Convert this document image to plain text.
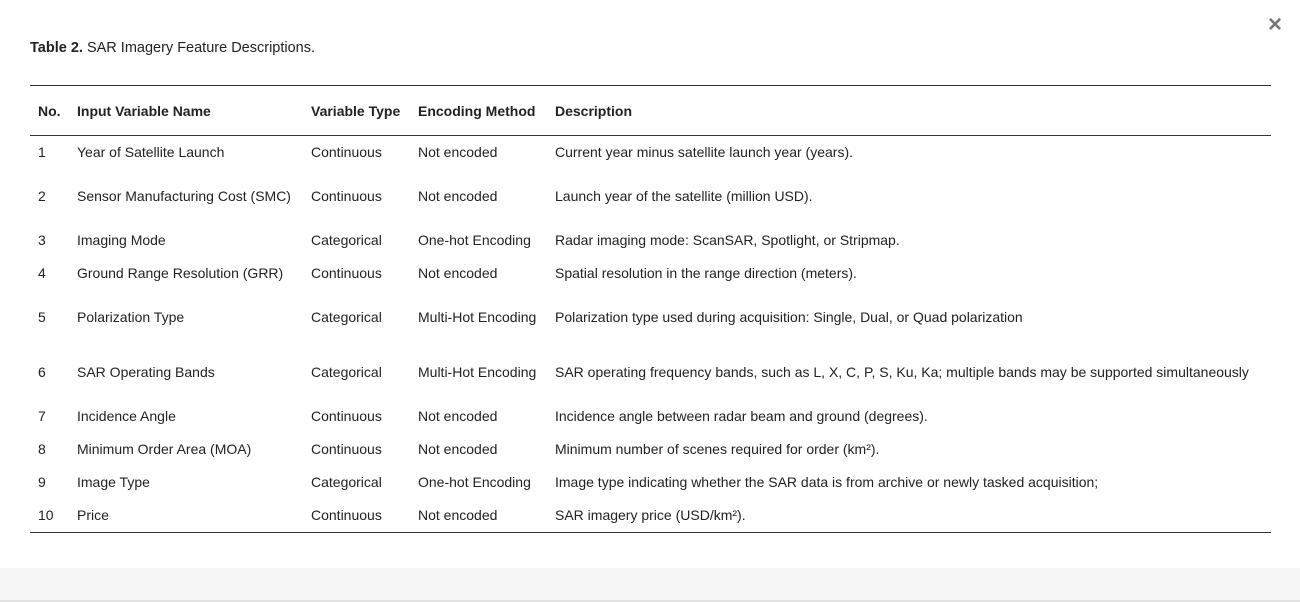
×
Table 2. SAR Imagery Feature Descriptions.
No.	Input Variable Name	Variable Type	Encoding Method	Description
1	Year of Satellite Launch	Continuous	Not encoded	Current year minus satellite launch year (years).
2	Sensor Manufacturing Cost (SMC)	Continuous	Not encoded	Launch year of the satellite (million USD).
3	Imaging Mode	Categorical	One-hot Encoding	Radar imaging mode: ScanSAR, Spotlight, or Stripmap.
4	Ground Range Resolution (GRR)	Continuous	Not encoded	Spatial resolution in the range direction (meters).
5	Polarization Type	Categorical	Multi-Hot Encoding	Polarization type used during acquisition: Single, Dual, or Quad polarization
6	SAR Operating Bands	Categorical	Multi-Hot Encoding	SAR operating frequency bands, such as L, X, C, P, S, Ku, Ka; multiple bands may be supported simultaneously
7	Incidence Angle	Continuous	Not encoded	Incidence angle between radar beam and ground (degrees).
8	Minimum Order Area (MOA)	Continuous	Not encoded	Minimum number of scenes required for order (km²).
9	Image Type	Categorical	One-hot Encoding	Image type indicating whether the SAR data is from archive or newly tasked acquisition;
10	Price	Continuous	Not encoded	SAR imagery price (USD/km²).
